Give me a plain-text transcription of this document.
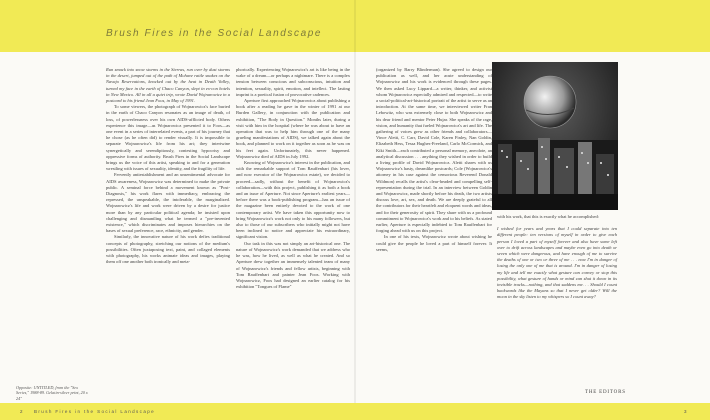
Brush Fires in the Social Landscape

Run smack into snow storms in the Sierras, run over by dust storms in the desert, jumped out of the path of Mohave rattle snakes on the Navajo Reservations, knocked out by the heat in Death Valley, turned my face in the earth of Chaco Canyon, slept in ex-con hotels in New Mexico. All in all a quiet trip, wrote David Wojnarowicz in a postcard to his friend Jean Foos, in May of 1991.

To some viewers, the photograph of Wojnarowicz's face buried in the earth of Chaco Canyon resonates as an image of death, of loss, of powerlessness over his own AIDS-afflicted body. Others experience this image—as Wojnarowicz presented it to Foos—as one event in a series of interrelated events, a part of his journey that he chose (as he often did) to render visually. It is impossible to separate Wojnarowicz's life from his art; they intertwine synergetically and serendipitously, contesting hypocrisy and oppressive forms of authority. Brush Fires in the Social Landscape brings us the voice of this artist, speaking to and for a generation wrestling with issues of sexuality, identity, and the fragility of life.

Fervently antiestablishment and an unsentimental advocate for AIDS awareness, Wojnarowicz was determined to make the private public. A seminal force behind a movement known as "Post-Diagnosis," his work flares with immediacy, embracing the repressed, the unspeakable, the intolerable, the marginalized. Wojnarowicz's life and work were driven by a desire for justice more than by any particular political agenda; he insisted upon challenging and dismantling what he termed a "pre-invented existence," which discriminates and imposes hierarchies on the bases of sexual preference, race, ethnicity, and gender.

Similarly, the innovative nature of his work defies traditional concepts of photography, stretching our notions of the medium's possibilities. Often juxtaposing text, paint, and collaged elements with photography, his works animate ideas and images, playing them off one another both ironically and meta-

phorically. Experiencing Wojnarowicz's art is like being in the wake of a dream—or perhaps a nightmare. There is a complex tension between conscious and subconscious, intuition and intention, sexuality, spirit, emotion, and intellect. The lasting imprint is a poetical fusion of provocative cadences.

Aperture first approached Wojnarowicz about publishing a book after a reading he gave in the winter of 1991 at our Burden Gallery, in conjunction with the publication and exhibition, "The Body in Question." Months later, during a visit with him in the hospital (where he was about to have an operation that was to help him through one of the many grueling manifestations of AIDS), we talked again about the book, and planned to work on it together as soon as he was on his feet again. Unfortunately, this never happened. Wojnarowicz died of AIDS in July 1992.

Knowing of Wojnarowicz's interest in the publication, and with the remarkable support of Tom Rauffenbart (his lover, and now executor of the Wojnarowicz estate), we decided to proceed—sadly, without the benefit of Wojnarowicz's collaboration—with this project, publishing it as both a book and an issue of Aperture. Not since Aperture's earliest years—before there was a book-publishing program—has an issue of the magazine been entirely devoted to the work of one contemporary artist. We have taken this opportunity now to bring Wojnarowicz's work not only to his many followers, but also to those of our subscribers who initially might not have been inclined to notice and appreciate his extraordinary, significant vision.

Our task in this was not simply an art-historical one. The nature of Wojnarowicz's work demanded that we address who he was, how he lived, as well as what he created. And so Aperture drew together an immensely talented team of many of Wojnarowicz's friends and fellow artists, beginning with Tom Rauffenbart and painter Jean Foos. Working with Wojnarowicz, Foos had designed an earlier catalog for his exhibition "Tongues of Flame"

(organized by Barry Blinderman). She agreed to design our publication as well, and her acute understanding of Wojnarowicz and his work is evidenced through these pages. We then asked Lucy Lippard—a writer, thinker, and activist whom Wojnarowicz especially admired and respected—to write a social-political-art-historical portrait of the artist to serve as an introduction. At the same time, we interviewed writer Fran Lebowitz, who was extremely close to both Wojnarowicz and his dear friend and mentor Peter Hujar. She speaks of the rage, vision, and humanity that fueled Wojnarowicz's art and life. The gathering of voices grew as other friends and collaborators—Vince Aletti, C. Carr, David Cole, Karen Finley, Nan Goldin, Elizabeth Hess, Tessa Hughes-Freeland, Carlo McCormick, and Kiki Smith—each contributed a personal memory, anecdote, an analytical discussion . . . anything they wished in order to build a living profile of David Wojnarowicz. Aletti shares with us Wojnarowicz's hasty, dreamlike postcards; Cole (Wojnarowicz's attorney in his case against the censorious Reverend Donald Wildmon) recalls the artist's clear-headed and compelling self-representation during the trial. In an interview between Goldin and Wojnarowicz, made shortly before his death, the two artists discuss love, art, sex, and death. We are deeply grateful to all the contributors for their heartfelt and eloquent words and ideas, and for their generosity of spirit. They share with us a profound commitment to Wojnarowicz's work and to his beliefs. As stated earlier, Aperture is especially indebted to Tom Rauffenbart for forging ahead with us on this project.

In one of his texts, Wojnarowicz wrote about wishing he could give the people he loved a part of himself forever. It seems,

with his work, that this is exactly what he accomplished:

I wished for years and years that I could separate into ten different people: ten versions of myself in order to give each person I loved a part of myself forever and also have some left over to drift across landscapes and maybe even go into death or seven which were dangerous, and have enough of me to survive the deaths of one or two or three of me . . . now I'm in danger of losing the only one of me that is around. I'm in danger of losing my life and tell me exactly what gesture can convey or stop this possibility, what gesture of hands or mind can shut it down in its invisible tracks—nothing, and that saddens me. . . Should I count backwards like the Mayans so that I never get older? Will the moon in the sky listen to my whispers so I count away?

THE EDITORS
Opposite: UNTITLED, from the "Sex Series," 1988-89. Gelatin-silver print, 20 x 24"
2	Brush Fires in the Social Landscape	3
